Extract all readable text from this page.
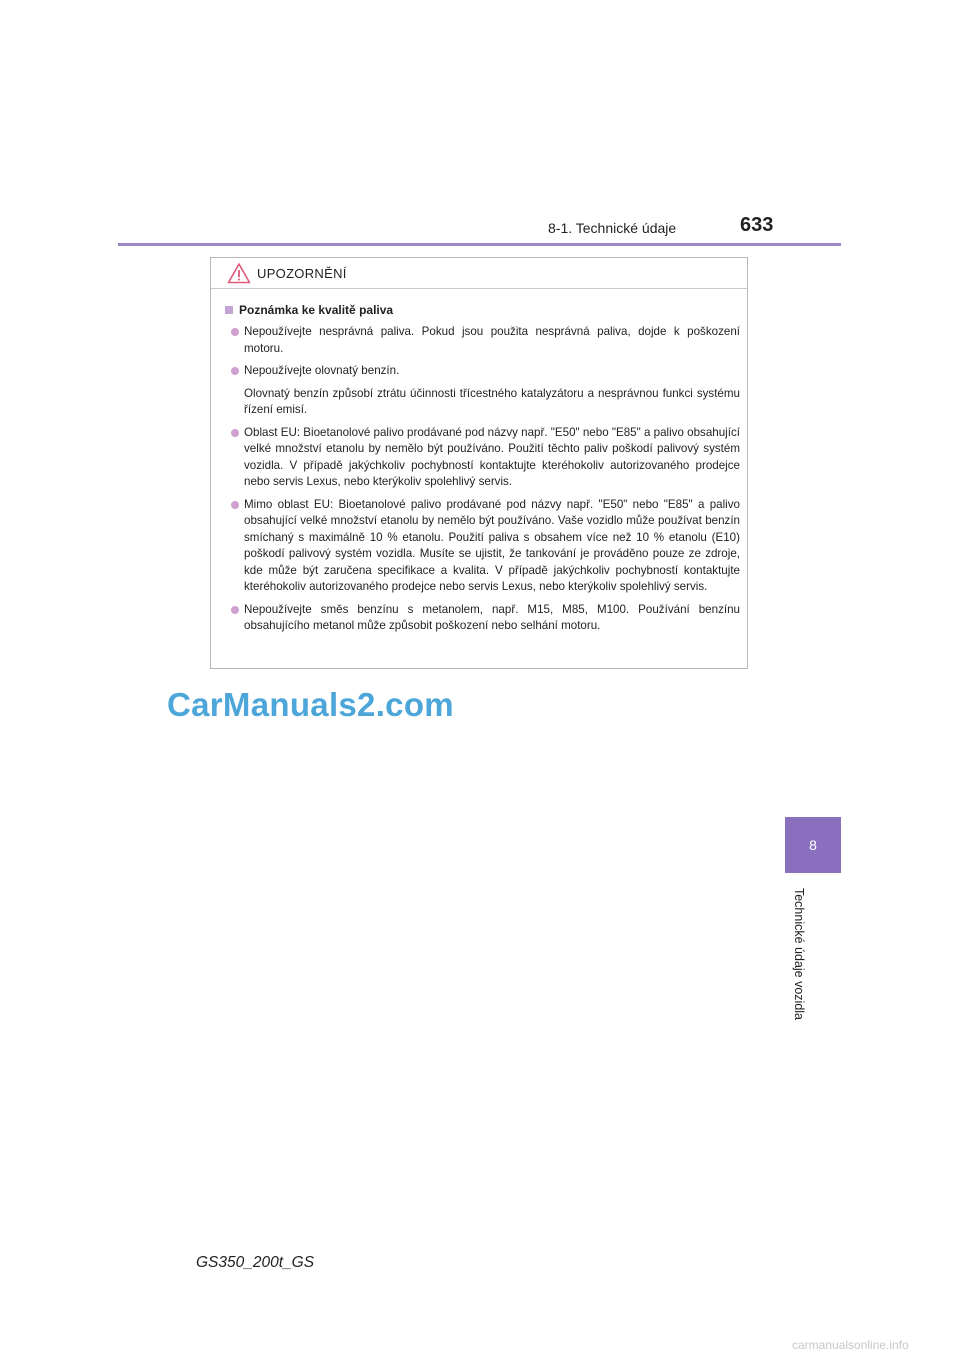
8-1. Technické údaje	633
8
Technické údaje vozidla
UPOZORNĚNÍ
Poznámka ke kvalitě paliva
Nepoužívejte nesprávná paliva. Pokud jsou použita nesprávná paliva, dojde k poškození motoru.
Nepoužívejte olovnatý benzín.
Olovnatý benzín způsobí ztrátu účinnosti třícestného katalyzátoru a nesprávnou funkci systému řízení emisí.
Oblast EU: Bioetanolové palivo prodávané pod názvy např. "E50" nebo "E85" a palivo obsahující velké množství etanolu by nemělo být používáno. Použití těchto paliv poškodí palivový systém vozidla. V případě jakýchkoliv pochybností kontaktujte kteréhokoliv autorizovaného prodejce nebo servis Lexus, nebo kterýkoliv spolehlivý servis.
Mimo oblast EU: Bioetanolové palivo prodávané pod názvy např. "E50" nebo "E85" a palivo obsahující velké množství etanolu by nemělo být používáno. Vaše vozidlo může používat benzín smíchaný s maximálně 10 % etanolu. Použití paliva s obsahem více než 10 % etanolu (E10) poškodí palivový systém vozidla. Musíte se ujistit, že tankování je prováděno pouze ze zdroje, kde může být zaručena specifikace a kvalita. V případě jakýchkoliv pochybností kontaktujte kteréhokoliv autorizovaného prodejce nebo servis Lexus, nebo kterýkoliv spolehlivý servis.
Nepoužívejte směs benzínu s metanolem, např. M15, M85, M100. Používání benzínu obsahujícího metanol může způsobit poškození nebo selhání motoru.
CarManuals2.com
GS350_200t_GS
carmanualsonline.info
